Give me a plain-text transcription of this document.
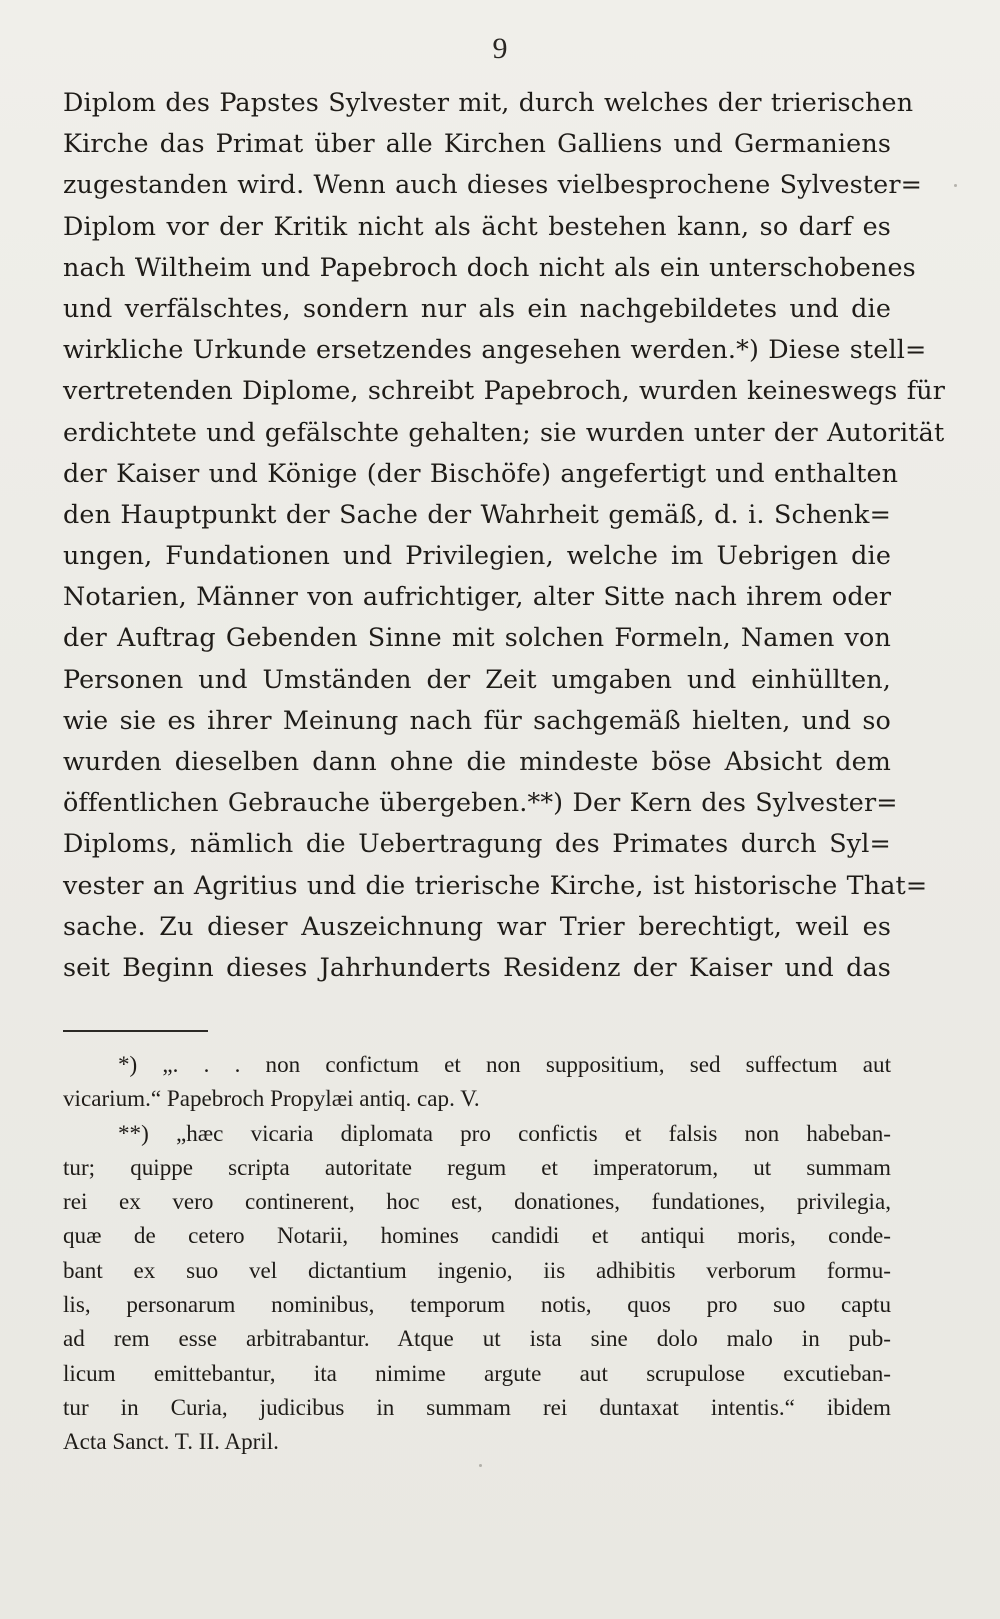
9
Diplom des Papstes Sylvester mit, durch welches der trierischen
Kirche das Primat über alle Kirchen Galliens und Germaniens
zugestanden wird. Wenn auch dieses vielbesprochene Sylvester=
Diplom vor der Kritik nicht als ächt bestehen kann, so darf es
nach Wiltheim und Papebroch doch nicht als ein unterschobenes
und verfälschtes, sondern nur als ein nachgebildetes und die
wirkliche Urkunde ersetzendes angesehen werden.*) Diese stell=
vertretenden Diplome, schreibt Papebroch, wurden keineswegs für
erdichtete und gefälschte gehalten; sie wurden unter der Autorität
der Kaiser und Könige (der Bischöfe) angefertigt und enthalten
den Hauptpunkt der Sache der Wahrheit gemäß, d. i. Schenk=
ungen, Fundationen und Privilegien, welche im Uebrigen die
Notarien, Männer von aufrichtiger, alter Sitte nach ihrem oder
der Auftrag Gebenden Sinne mit solchen Formeln, Namen von
Personen und Umständen der Zeit umgaben und einhüllten,
wie sie es ihrer Meinung nach für sachgemäß hielten, und so
wurden dieselben dann ohne die mindeste böse Absicht dem
öffentlichen Gebrauche übergeben.**) Der Kern des Sylvester=
Diploms, nämlich die Uebertragung des Primates durch Syl=
vester an Agritius und die trierische Kirche, ist historische That=
sache. Zu dieser Auszeichnung war Trier berechtigt, weil es
seit Beginn dieses Jahrhunderts Residenz der Kaiser und das
*) „. . . non confictum et non suppositium, sed suffectum aut
vicarium.“ Papebroch Propylæi antiq. cap. V.
**) „hæc vicaria diplomata pro confictis et falsis non habeban-
tur; quippe scripta autoritate regum et imperatorum, ut summam
rei ex vero continerent, hoc est, donationes, fundationes, privilegia,
quæ de cetero Notarii, homines candidi et antiqui moris, conde-
bant ex suo vel dictantium ingenio, iis adhibitis verborum formu-
lis, personarum nominibus, temporum notis, quos pro suo captu
ad rem esse arbitrabantur. Atque ut ista sine dolo malo in pub-
licum emittebantur, ita nimime argute aut scrupulose excutieban-
tur in Curia, judicibus in summam rei duntaxat intentis.“ ibidem
Acta Sanct. T. II. April.
